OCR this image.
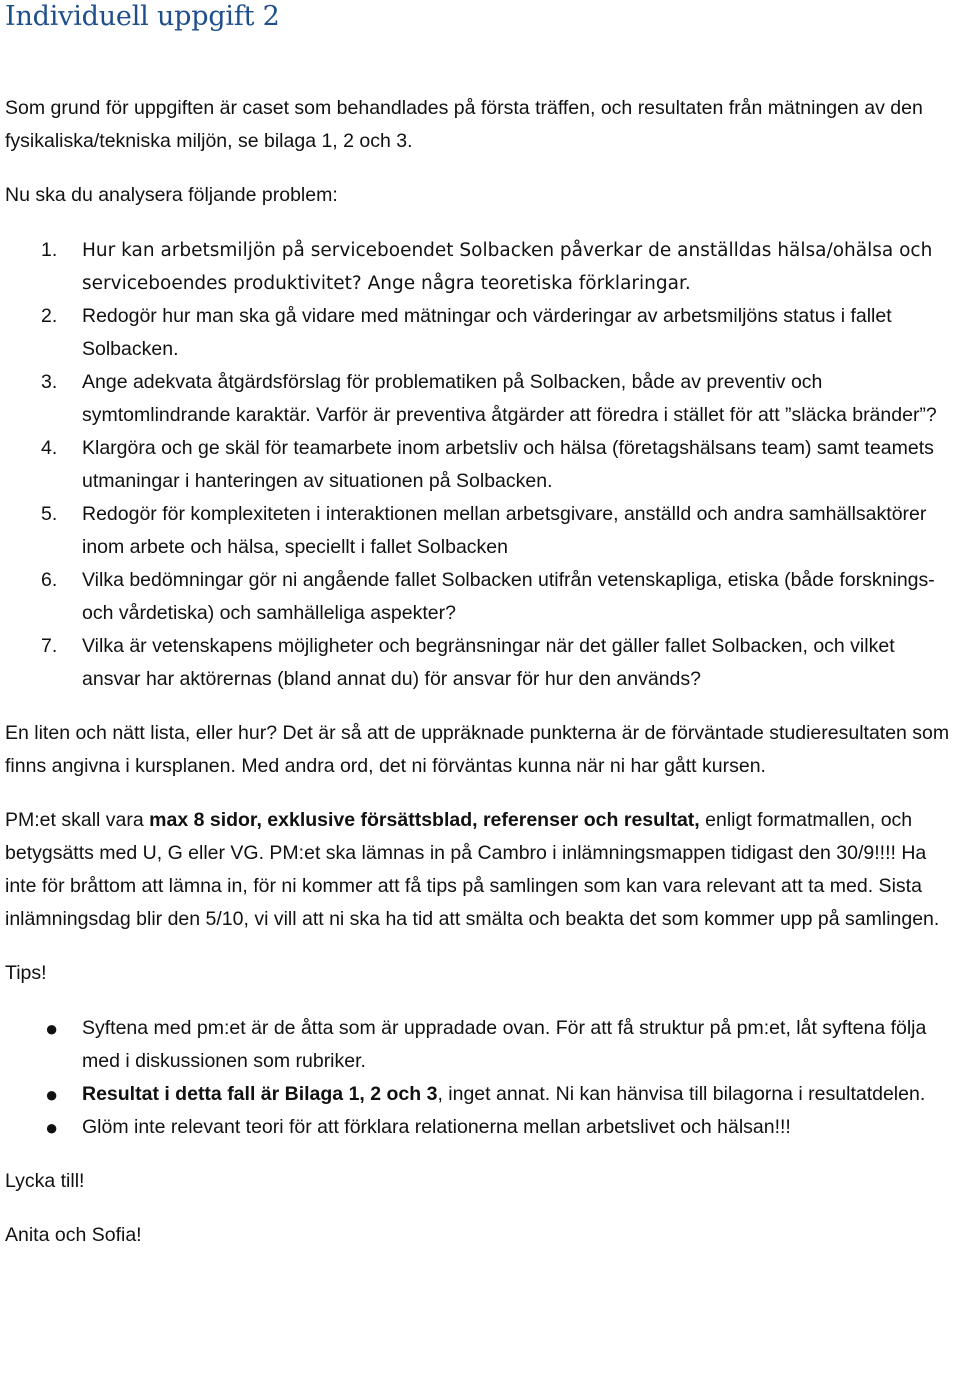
Individuell uppgift 2

Som grund för uppgiften är caset som behandlades på första träffen, och resultaten från mätningen av den fysikaliska/tekniska miljön, se bilaga 1, 2 och 3.

Nu ska du analysera följande problem:

1. Hur kan arbetsmiljön på serviceboendet Solbacken påverkar de anställdas hälsa/ohälsa och serviceboendes produktivitet? Ange några teoretiska förklaringar.
2. Redogör hur man ska gå vidare med mätningar och värderingar av arbetsmiljöns status i fallet Solbacken.
3. Ange adekvata åtgärdsförslag för problematiken på Solbacken, både av preventiv och symtomlindrande karaktär. Varför är preventiva åtgärder att föredra i stället för att ”släcka bränder”?
4. Klargöra och ge skäl för teamarbete inom arbetsliv och hälsa (företagshälsans team) samt teamets utmaningar i hanteringen av situationen på Solbacken.
5. Redogör för komplexiteten i interaktionen mellan arbetsgivare, anställd och andra samhällsaktörer inom arbete och hälsa, speciellt i fallet Solbacken
6. Vilka bedömningar gör ni angående fallet Solbacken utifrån vetenskapliga, etiska (både forsknings- och vårdetiska) och samhälleliga aspekter?
7. Vilka är vetenskapens möjligheter och begränsningar när det gäller fallet Solbacken, och vilket ansvar har aktörernas (bland annat du) för ansvar för hur den används?

En liten och nätt lista, eller hur? Det är så att de uppräknade punkterna är de förväntade studieresultaten som finns angivna i kursplanen. Med andra ord, det ni förväntas kunna när ni har gått kursen.

PM:et skall vara max 8 sidor, exklusive försättsblad, referenser och resultat, enligt formatmallen, och betygsätts med U, G eller VG. PM:et ska lämnas in på Cambro i inlämningsmappen tidigast den 30/9!!!! Ha inte för bråttom att lämna in, för ni kommer att få tips på samlingen som kan vara relevant att ta med. Sista inlämningsdag blir den 5/10, vi vill att ni ska ha tid att smälta och beakta det som kommer upp på samlingen.

Tips!

● Syftena med pm:et är de åtta som är uppradade ovan. För att få struktur på pm:et, låt syftena följa med i diskussionen som rubriker.
● Resultat i detta fall är Bilaga 1, 2 och 3, inget annat. Ni kan hänvisa till bilagorna i resultatdelen.
● Glöm inte relevant teori för att förklara relationerna mellan arbetslivet och hälsan!!!

Lycka till!

Anita och Sofia!
